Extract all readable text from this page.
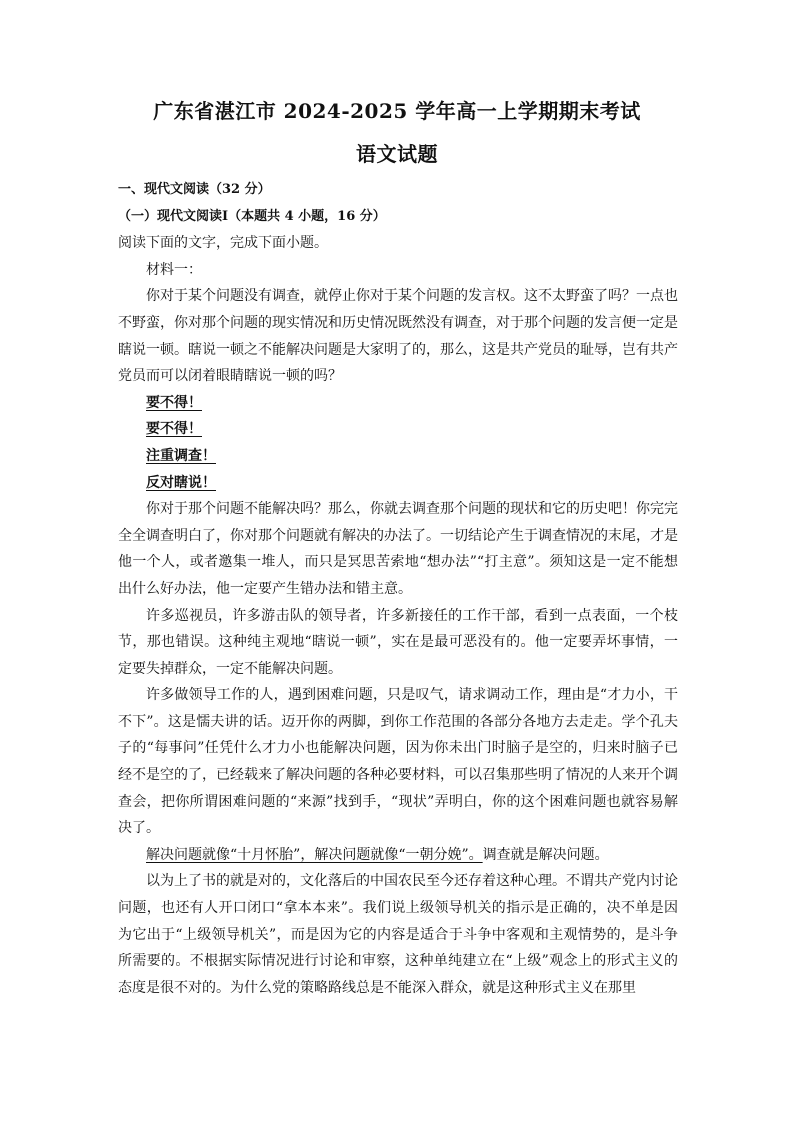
广东省湛江市 2024-2025 学年高一上学期期末考试
语文试题
一、现代文阅读（32 分）
（一）现代文阅读Ⅰ（本题共 4 小题，16 分）
阅读下面的文字，完成下面小题。
材料一：

你对于某个问题没有调查，就停止你对于某个问题的发言权。这不太野蛮了吗？一点也不野蛮，你对那个问题的现实情况和历史情况既然没有调查，对于那个问题的发言便一定是瞎说一顿。瞎说一顿之不能解决问题是大家明了的，那么，这是共产党员的耻辱，岂有共产党员而可以闭着眼睛瞎说一顿的吗？

要不得！
要不得！
注重调查！
反对瞎说！

你对于那个问题不能解决吗？那么，你就去调查那个问题的现状和它的历史吧！你完完全全调查明白了，你对那个问题就有解决的办法了。一切结论产生于调查情况的末尾，才是他一个人，或者邀集一堆人，而只是冥思苦索地“想办法”“打主意”。须知这是一定不能想出什么好办法，他一定要产生错办法和错主意。

许多巡视员，许多游击队的领导者，许多新接任的工作干部，看到一点表面，一个枝节，那也错误。这种纯主观地“瞎说一顿”，实在是最可恶没有的。他一定要弄坏事情，一定要失掉群众，一定不能解决问题。

许多做领导工作的人，遇到困难问题，只是叹气，请求调动工作，理由是“才力小，干不下”。这是懦夫讲的话。迈开你的两脚，到你工作范围的各部分各地方去走走。学个孔夫子的“每事问”任凭什么才力小也能解决问题，因为你未出门时脑子是空的，归来时脑子已经不是空的了，已经载来了解决问题的各种必要材料，可以召集那些明了情况的人来开个调查会，把你所谓困难问题的“来源”找到手，“现状”弄明白，你的这个困难问题也就容易解决了。

解决问题就像“十月怀胎”，解决问题就像“一朝分娩”。调查就是解决问题。

以为上了书的就是对的，文化落后的中国农民至今还存着这种心理。不谓共产党内讨论问题，也还有人开口闭口“拿本本来”。我们说上级领导机关的指示是正确的，决不单是因为它出于“上级领导机关”，而是因为它的内容是适合于斗争中客观和主观情势的，是斗争所需要的。不根据实际情况进行讨论和审察，这种单纯建立在“上级”观念上的形式主义的态度是很不对的。为什么党的策略路线总是不能深入群众，就是这种形式主义在那里
